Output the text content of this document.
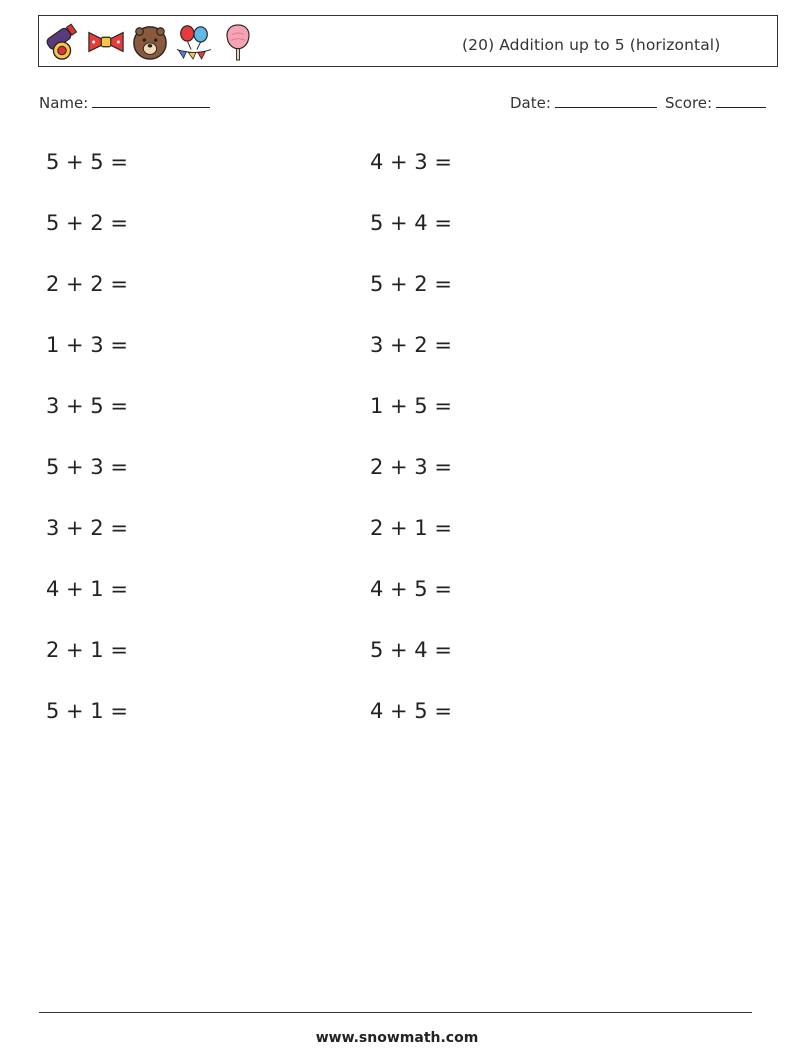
(20) Addition up to 5 (horizontal)
Name:	Date:	Score:
5 + 5 =
5 + 2 =
2 + 2 =
1 + 3 =
3 + 5 =
5 + 3 =
3 + 2 =
4 + 1 =
2 + 1 =
5 + 1 =
4 + 3 =
5 + 4 =
5 + 2 =
3 + 2 =
1 + 5 =
2 + 3 =
2 + 1 =
4 + 5 =
5 + 4 =
4 + 5 =
www.snowmath.com
